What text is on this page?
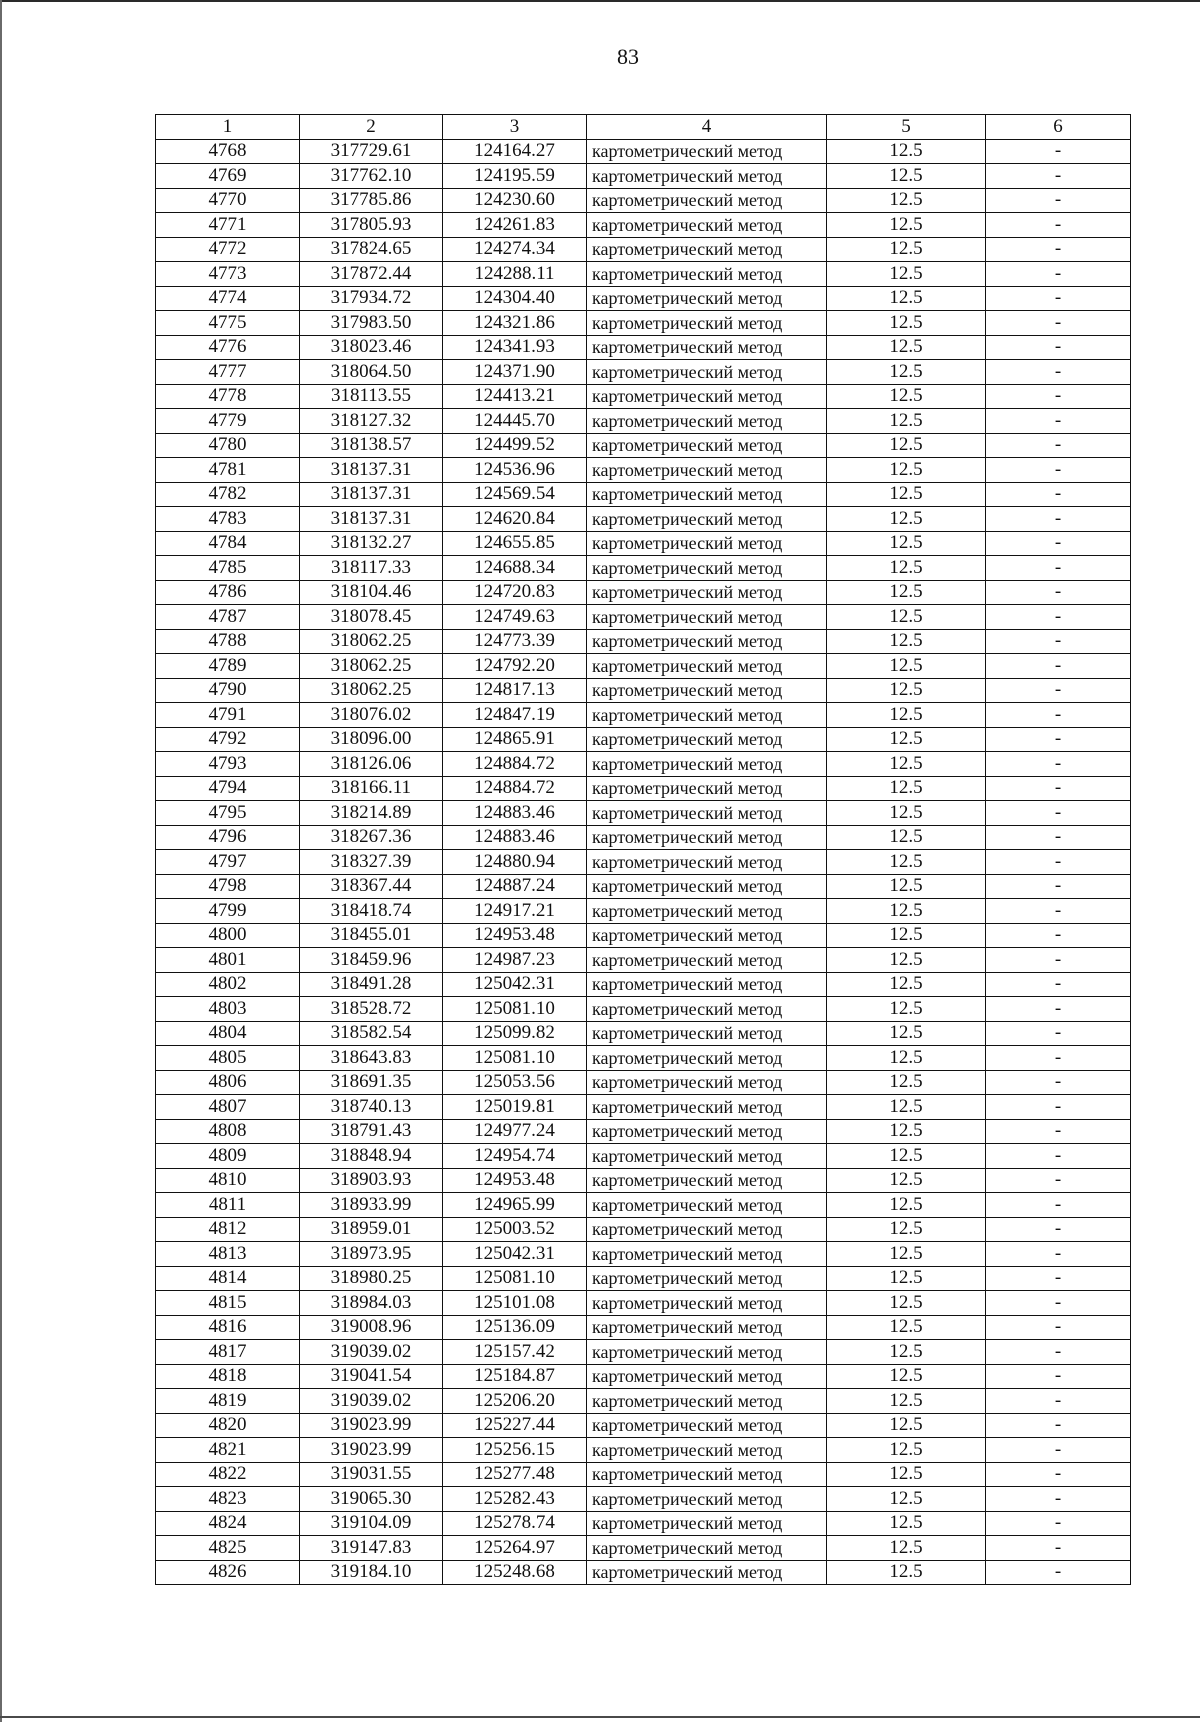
83
1	2	3	4	5	6
4768	317729.61	124164.27	картометрический метод	12.5	-
4769	317762.10	124195.59	картометрический метод	12.5	-
4770	317785.86	124230.60	картометрический метод	12.5	-
4771	317805.93	124261.83	картометрический метод	12.5	-
4772	317824.65	124274.34	картометрический метод	12.5	-
4773	317872.44	124288.11	картометрический метод	12.5	-
4774	317934.72	124304.40	картометрический метод	12.5	-
4775	317983.50	124321.86	картометрический метод	12.5	-
4776	318023.46	124341.93	картометрический метод	12.5	-
4777	318064.50	124371.90	картометрический метод	12.5	-
4778	318113.55	124413.21	картометрический метод	12.5	-
4779	318127.32	124445.70	картометрический метод	12.5	-
4780	318138.57	124499.52	картометрический метод	12.5	-
4781	318137.31	124536.96	картометрический метод	12.5	-
4782	318137.31	124569.54	картометрический метод	12.5	-
4783	318137.31	124620.84	картометрический метод	12.5	-
4784	318132.27	124655.85	картометрический метод	12.5	-
4785	318117.33	124688.34	картометрический метод	12.5	-
4786	318104.46	124720.83	картометрический метод	12.5	-
4787	318078.45	124749.63	картометрический метод	12.5	-
4788	318062.25	124773.39	картометрический метод	12.5	-
4789	318062.25	124792.20	картометрический метод	12.5	-
4790	318062.25	124817.13	картометрический метод	12.5	-
4791	318076.02	124847.19	картометрический метод	12.5	-
4792	318096.00	124865.91	картометрический метод	12.5	-
4793	318126.06	124884.72	картометрический метод	12.5	-
4794	318166.11	124884.72	картометрический метод	12.5	-
4795	318214.89	124883.46	картометрический метод	12.5	-
4796	318267.36	124883.46	картометрический метод	12.5	-
4797	318327.39	124880.94	картометрический метод	12.5	-
4798	318367.44	124887.24	картометрический метод	12.5	-
4799	318418.74	124917.21	картометрический метод	12.5	-
4800	318455.01	124953.48	картометрический метод	12.5	-
4801	318459.96	124987.23	картометрический метод	12.5	-
4802	318491.28	125042.31	картометрический метод	12.5	-
4803	318528.72	125081.10	картометрический метод	12.5	-
4804	318582.54	125099.82	картометрический метод	12.5	-
4805	318643.83	125081.10	картометрический метод	12.5	-
4806	318691.35	125053.56	картометрический метод	12.5	-
4807	318740.13	125019.81	картометрический метод	12.5	-
4808	318791.43	124977.24	картометрический метод	12.5	-
4809	318848.94	124954.74	картометрический метод	12.5	-
4810	318903.93	124953.48	картометрический метод	12.5	-
4811	318933.99	124965.99	картометрический метод	12.5	-
4812	318959.01	125003.52	картометрический метод	12.5	-
4813	318973.95	125042.31	картометрический метод	12.5	-
4814	318980.25	125081.10	картометрический метод	12.5	-
4815	318984.03	125101.08	картометрический метод	12.5	-
4816	319008.96	125136.09	картометрический метод	12.5	-
4817	319039.02	125157.42	картометрический метод	12.5	-
4818	319041.54	125184.87	картометрический метод	12.5	-
4819	319039.02	125206.20	картометрический метод	12.5	-
4820	319023.99	125227.44	картометрический метод	12.5	-
4821	319023.99	125256.15	картометрический метод	12.5	-
4822	319031.55	125277.48	картометрический метод	12.5	-
4823	319065.30	125282.43	картометрический метод	12.5	-
4824	319104.09	125278.74	картометрический метод	12.5	-
4825	319147.83	125264.97	картометрический метод	12.5	-
4826	319184.10	125248.68	картометрический метод	12.5	-
